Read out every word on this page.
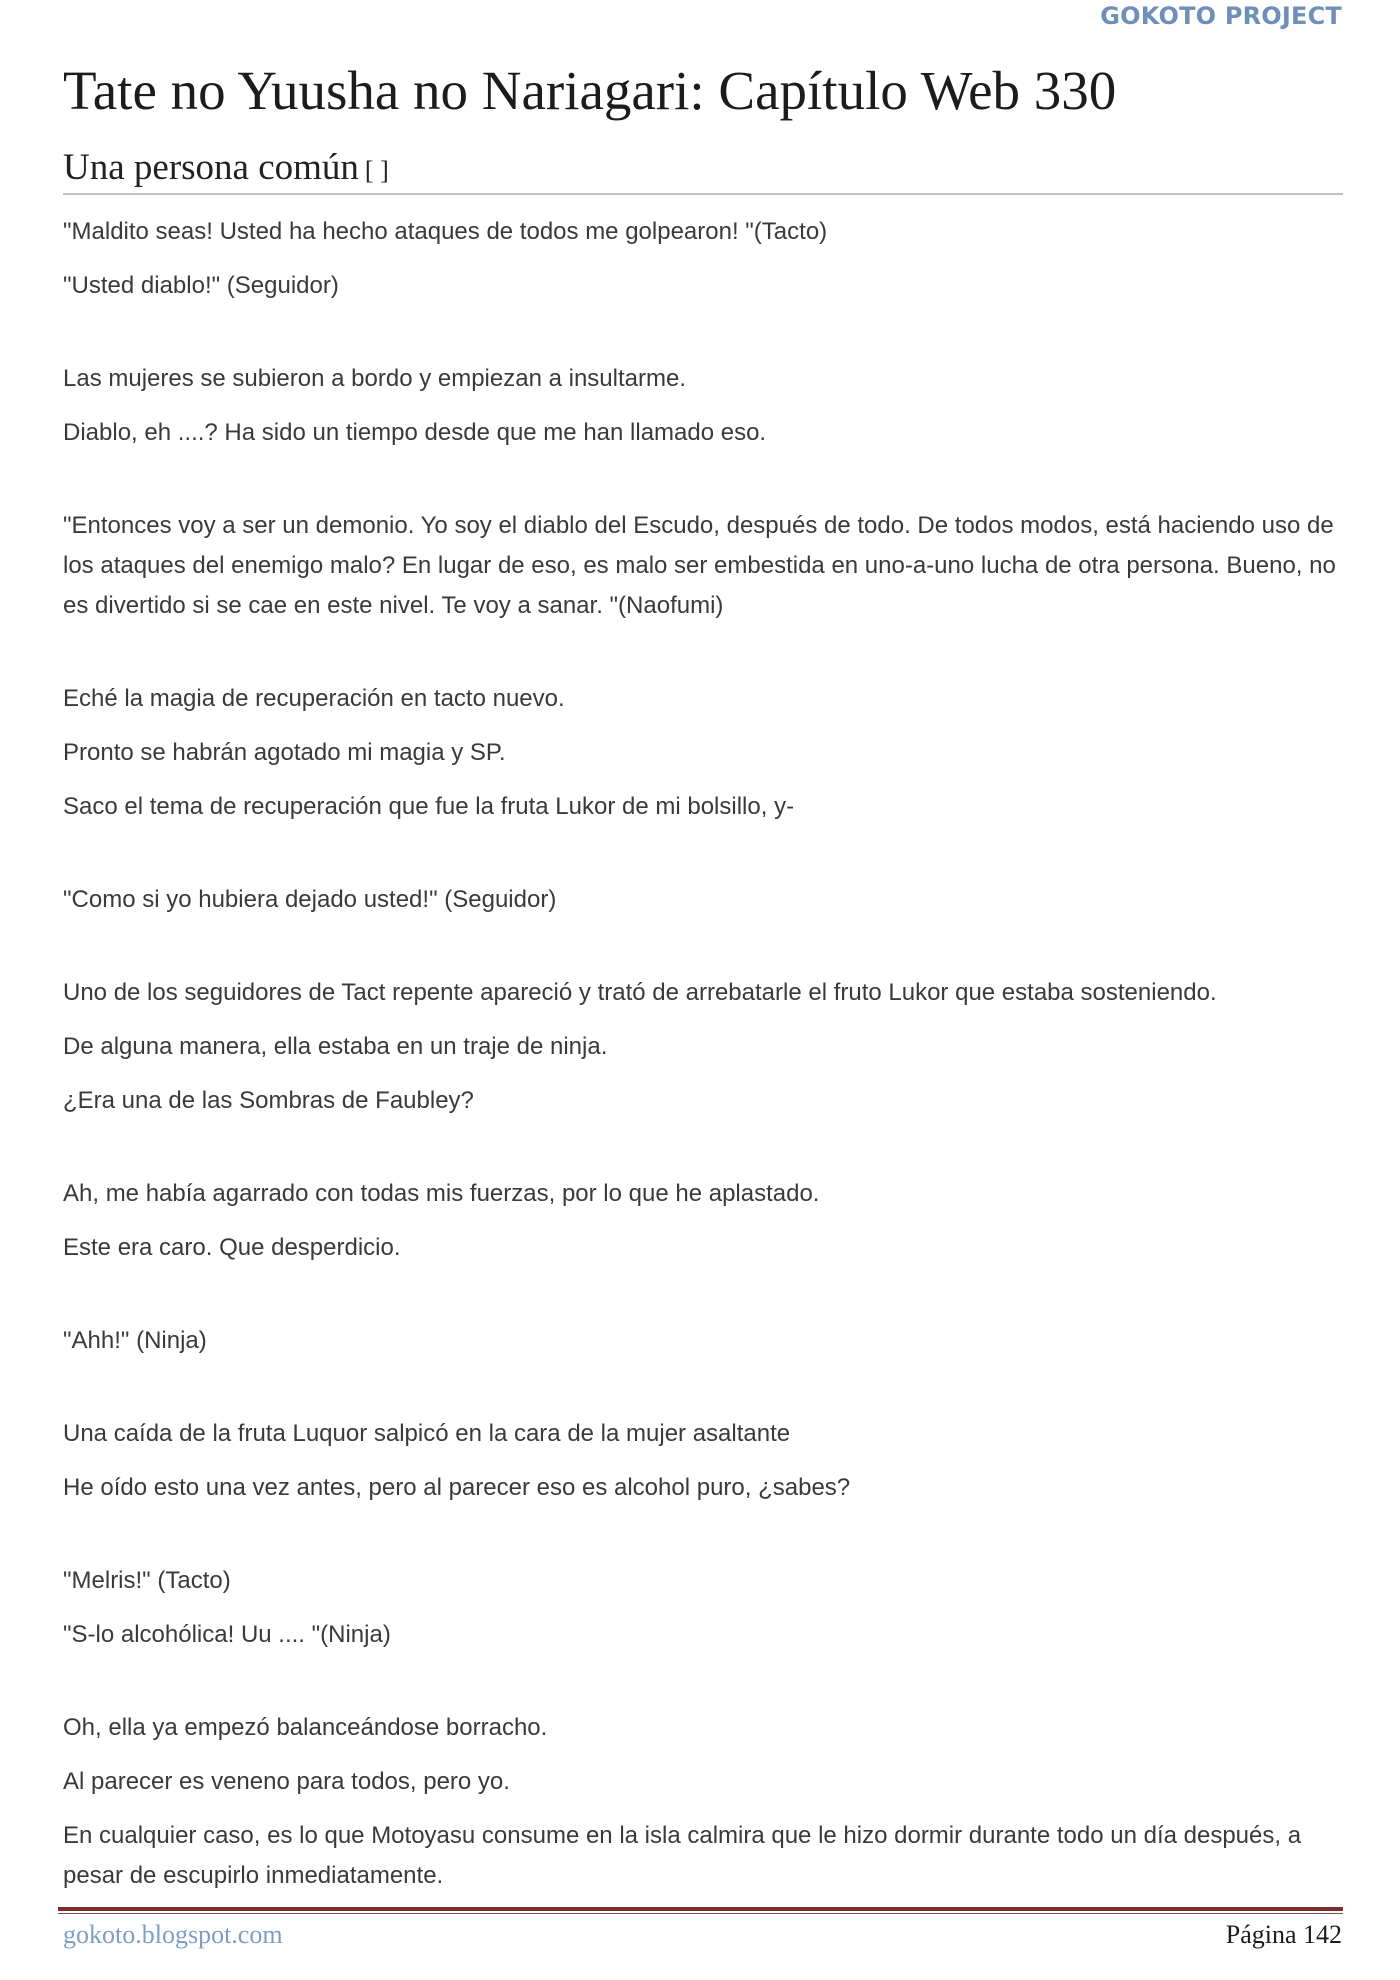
GOKOTO PROJECT
Tate no Yuusha no Nariagari: Capítulo Web 330
Una persona común [ ]

"Maldito seas! Usted ha hecho ataques de todos me golpearon! "(Tacto)

"Usted diablo!" (Seguidor)

Las mujeres se subieron a bordo y empiezan a insultarme.

Diablo, eh ....? Ha sido un tiempo desde que me han llamado eso.

"Entonces voy a ser un demonio. Yo soy el diablo del Escudo, después de todo. De todos modos, está haciendo uso de los ataques del enemigo malo? En lugar de eso, es malo ser embestida en uno-a-uno lucha de otra persona. Bueno, no es divertido si se cae en este nivel. Te voy a sanar. "(Naofumi)

Eché la magia de recuperación en tacto nuevo.

Pronto se habrán agotado mi magia y SP.

Saco el tema de recuperación que fue la fruta Lukor de mi bolsillo, y-

"Como si yo hubiera dejado usted!" (Seguidor)

Uno de los seguidores de Tact repente apareció y trató de arrebatarle el fruto Lukor que estaba sosteniendo.

De alguna manera, ella estaba en un traje de ninja.

¿Era una de las Sombras de Faubley?

Ah, me había agarrado con todas mis fuerzas, por lo que he aplastado.

Este era caro. Que desperdicio.

"Ahh!" (Ninja)

Una caída de la fruta Luquor salpicó en la cara de la mujer asaltante

He oído esto una vez antes, pero al parecer eso es alcohol puro, ¿sabes?

"Melris!" (Tacto)

"S-lo alcohólica! Uu .... "(Ninja)

Oh, ella ya empezó balanceándose borracho.

Al parecer es veneno para todos, pero yo.

En cualquier caso, es lo que Motoyasu consume en la isla calmira que le hizo dormir durante todo un día después, a pesar de escupirlo inmediatamente.

gokoto.blogspot.com	Página 142
